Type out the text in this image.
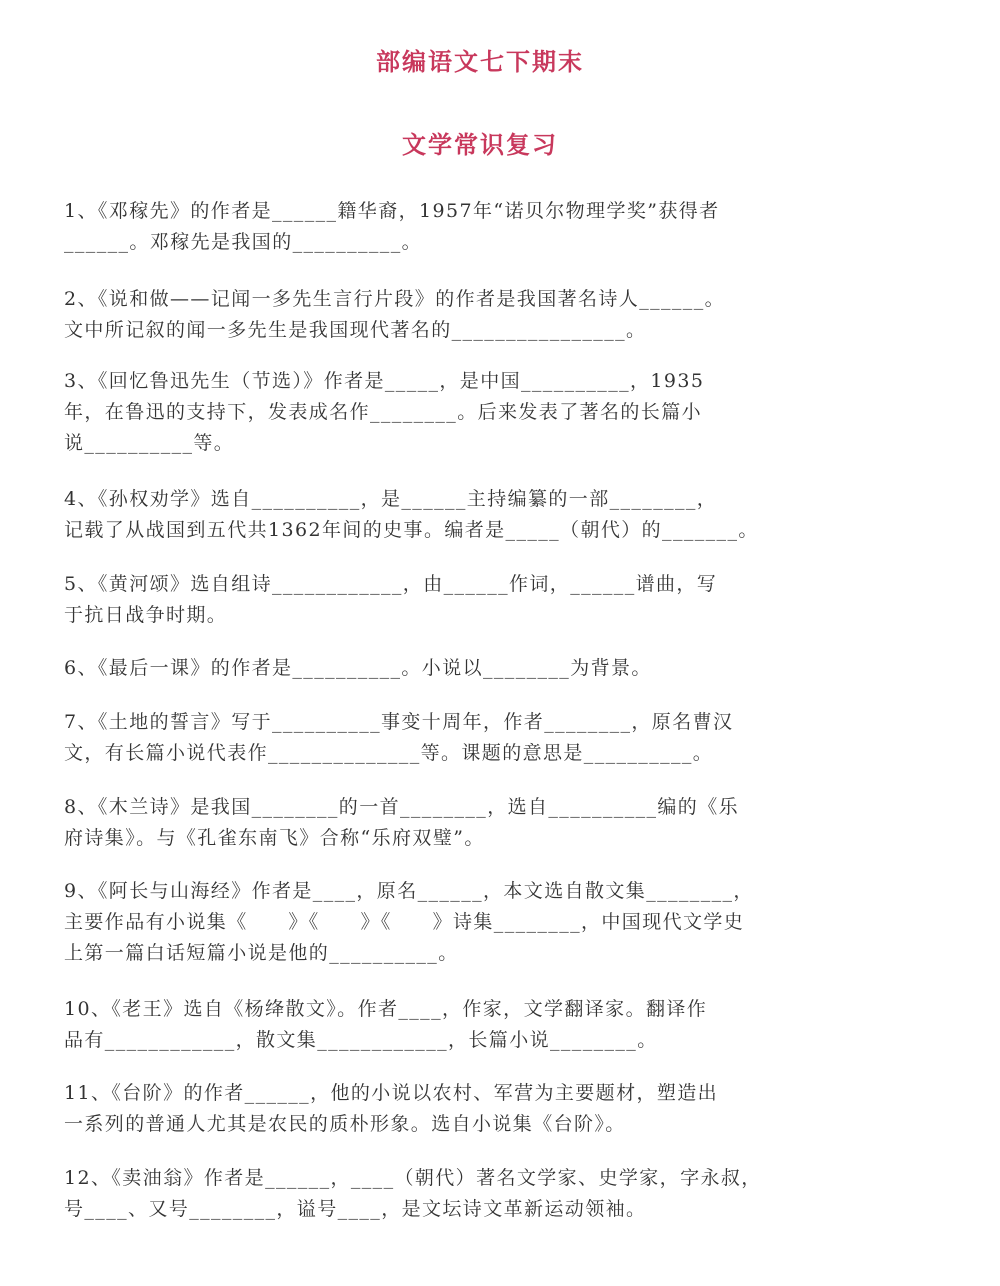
部编语文七下期末
文学常识复习
1、《邓稼先》的作者是______籍华裔，1957年“诺贝尔物理学奖”获得者
______。邓稼先是我国的__________。
2、《说和做——记闻一多先生言行片段》的作者是我国著名诗人______。
文中所记叙的闻一多先生是我国现代著名的________________。
3、《回忆鲁迅先生（节选）》作者是_____，是中国__________，1935
年，在鲁迅的支持下，发表成名作________。后来发表了著名的长篇小
说__________等。
4、《孙权劝学》选自__________，是______主持编纂的一部________，
记载了从战国到五代共1362年间的史事。编者是_____（朝代）的_______。
5、《黄河颂》选自组诗____________，由______作词，______谱曲，写
于抗日战争时期。
6、《最后一课》的作者是__________。小说以________为背景。
7、《土地的誓言》写于__________事变十周年，作者________，原名曹汉
文，有长篇小说代表作______________等。课题的意思是__________。
8、《木兰诗》是我国________的一首________，选自__________编的《乐
府诗集》。与《孔雀东南飞》合称“乐府双璧”。
9、《阿长与山海经》作者是____，原名______，本文选自散文集________，
主要作品有小说集《　　》《　　》《　　》诗集________，中国现代文学史
上第一篇白话短篇小说是他的__________。
10、《老王》选自《杨绛散文》。作者____，作家，文学翻译家。翻译作
品有____________，散文集____________，长篇小说________。
11、《台阶》的作者______，他的小说以农村、军营为主要题材，塑造出
一系列的普通人尤其是农民的质朴形象。选自小说集《台阶》。
12、《卖油翁》作者是______，____（朝代）著名文学家、史学家，字永叔，
号____、又号________，谥号____，是文坛诗文革新运动领袖。
